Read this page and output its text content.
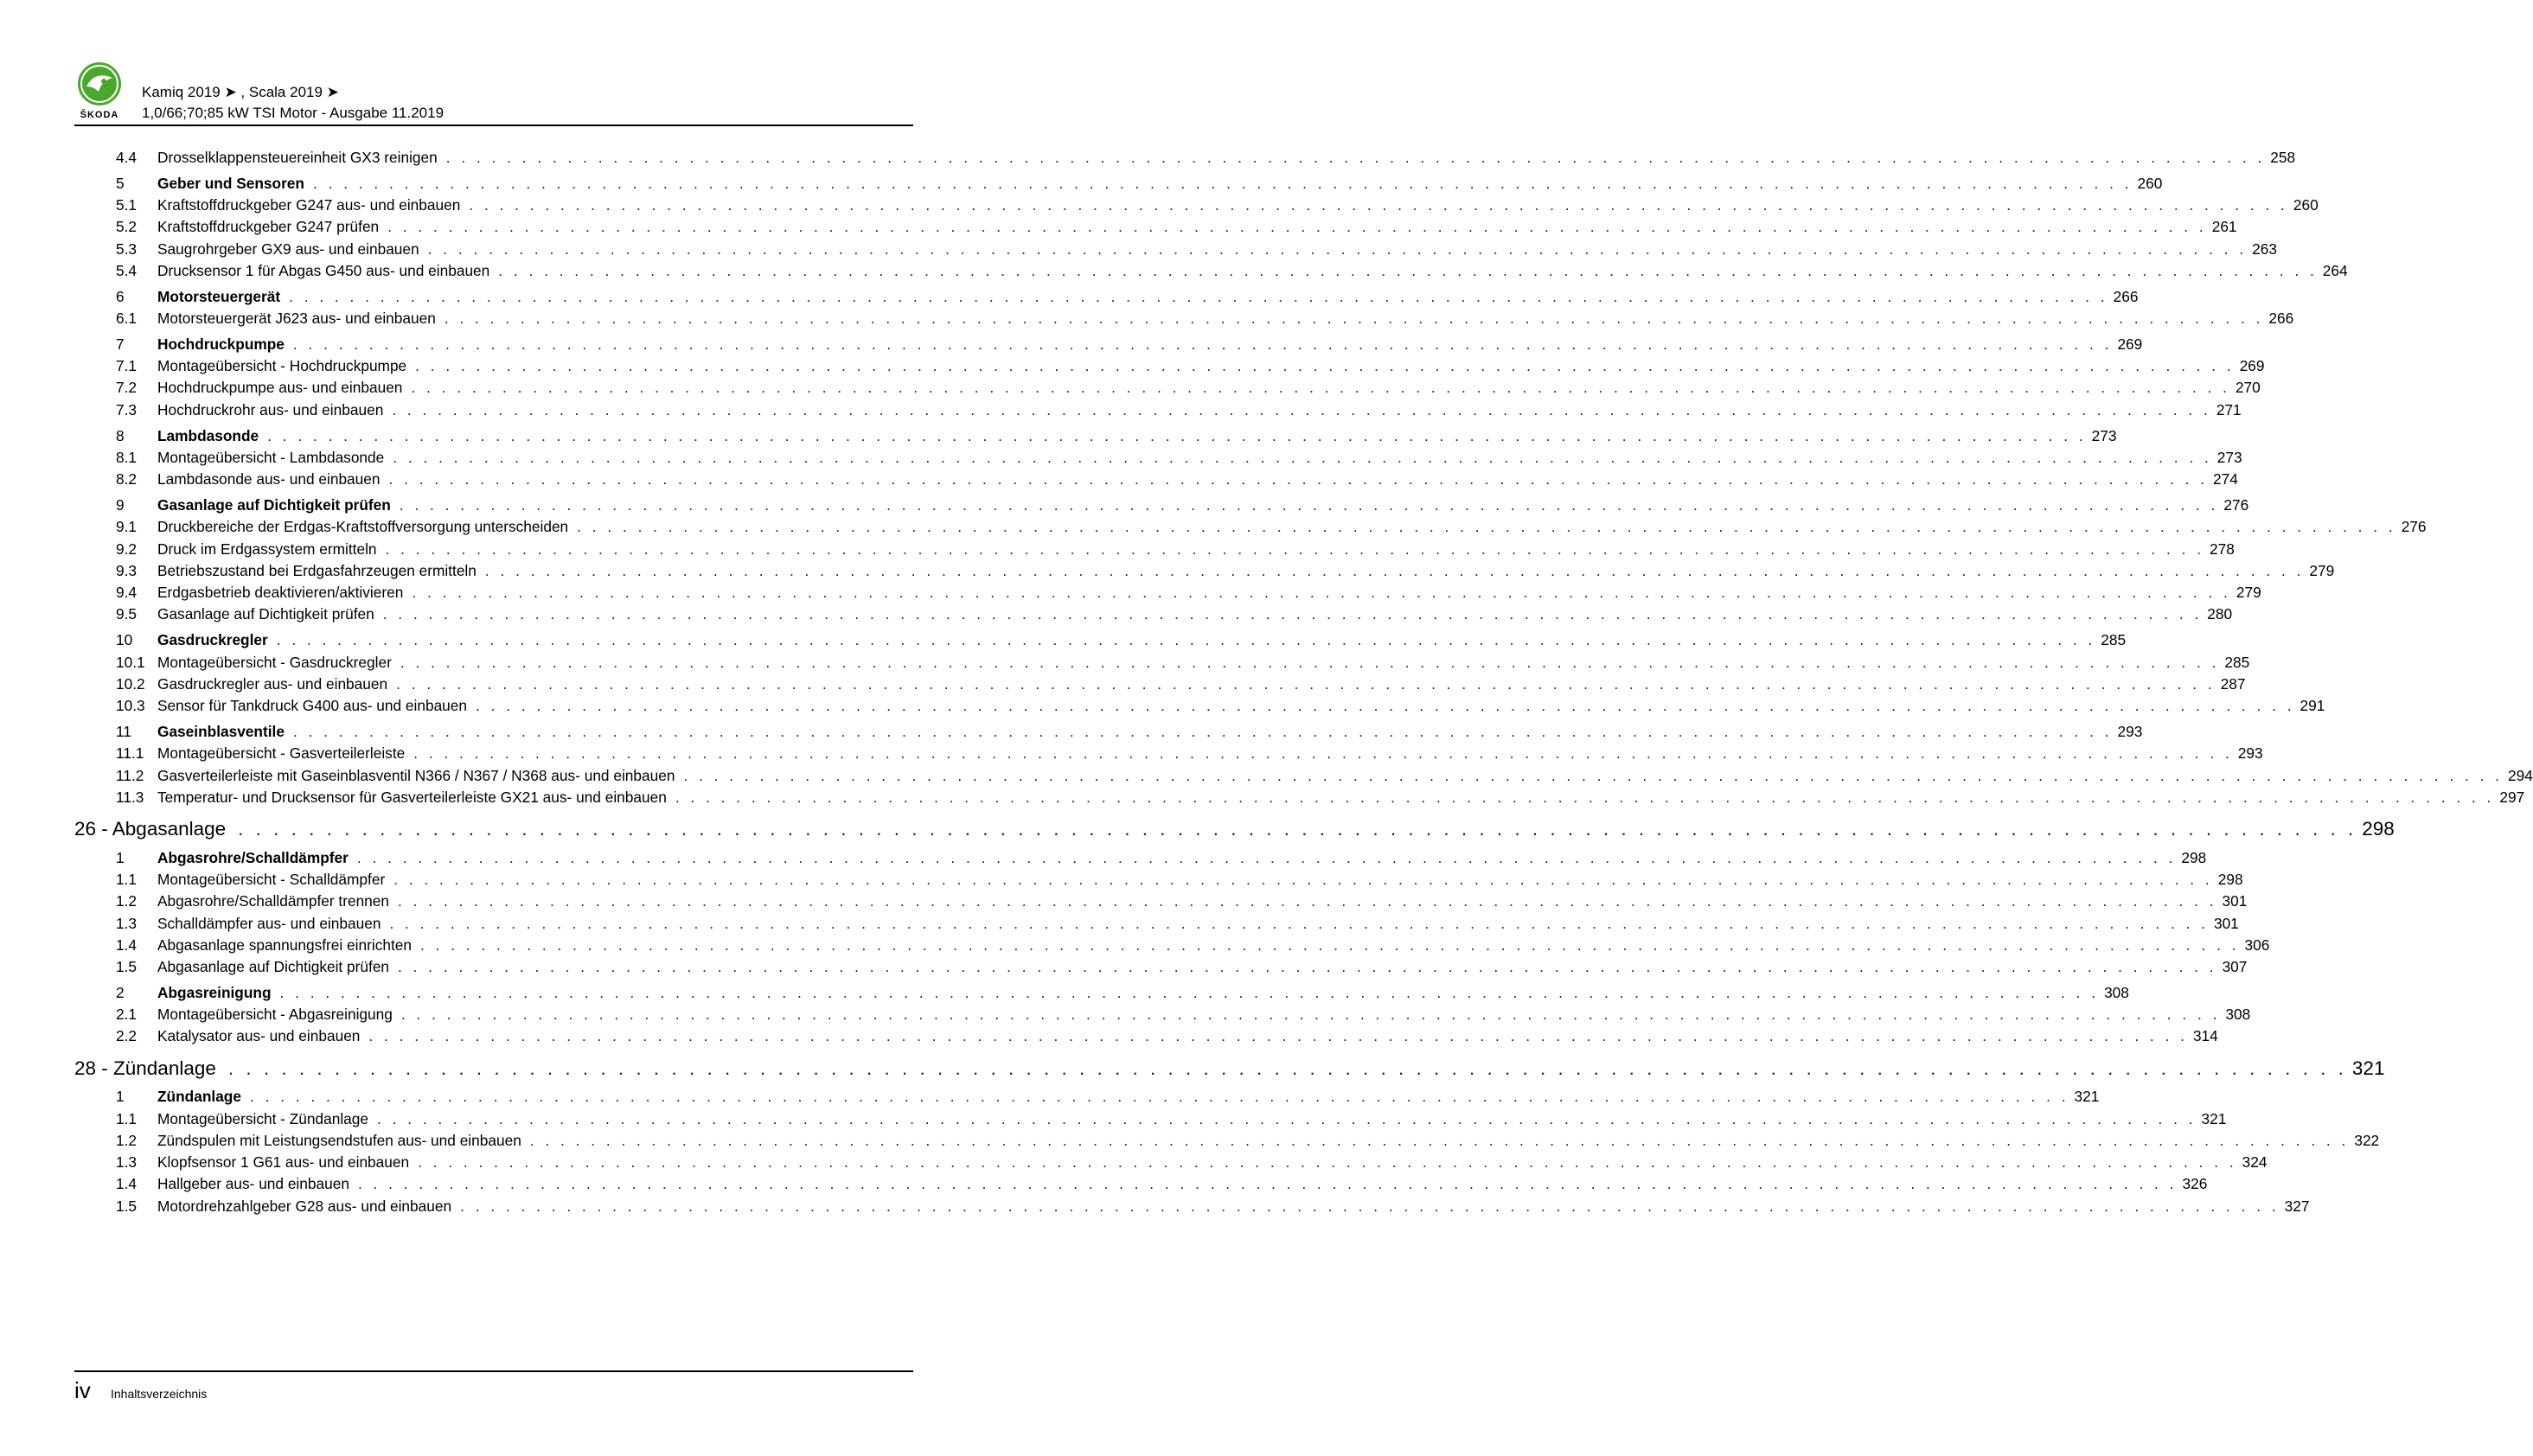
ŠKODA
Kamiq 2019 ➤ , Scala 2019 ➤
1,0/66;70;85 kW TSI Motor - Ausgabe 11.2019
4.4	Drosselklappensteuereinheit GX3 reinigen . . . . . . . . . . . . . . . . . . . . . . . . . . . . . . . . . . . . . . . . . . . . . . . . . . . . . . . . . . . . . . . . . . . . . . . . . . . . . . . . . . . . . . . . . . . . . . . . . . . . . . . . . . . . . . . . . . . . . . . . 258
5	Geber und Sensoren . . . . . . . . . . . . . . . . . . . . . . . . . . . . . . . . . . . . . . . . . . . . . . . . . . . . . . . . . . . . . . . . . . . . . . . . . . . . . . . . . . . . . . . . . . . . . . . . . . . . . . . . . . . . . . . . . . . . . . . . 260
5.1	Kraftstoffdruckgeber G247 aus- und einbauen . . . . . . . . . . . . . . . . . . . . . . . . . . . . . . . . . . . . . . . . . . . . . . . . . . . . . . . . . . . . . . . . . . . . . . . . . . . . . . . . . . . . . . . . . . . . . . . . . . . . . . . . . . . . . . . . . . . . . . . . 260
5.2	Kraftstoffdruckgeber G247 prüfen . . . . . . . . . . . . . . . . . . . . . . . . . . . . . . . . . . . . . . . . . . . . . . . . . . . . . . . . . . . . . . . . . . . . . . . . . . . . . . . . . . . . . . . . . . . . . . . . . . . . . . . . . . . . . . . . . . . . . . . . 261
5.3	Saugrohrgeber GX9 aus- und einbauen . . . . . . . . . . . . . . . . . . . . . . . . . . . . . . . . . . . . . . . . . . . . . . . . . . . . . . . . . . . . . . . . . . . . . . . . . . . . . . . . . . . . . . . . . . . . . . . . . . . . . . . . . . . . . . . . . . . . . . . . 263
5.4	Drucksensor 1 für Abgas G450 aus- und einbauen . . . . . . . . . . . . . . . . . . . . . . . . . . . . . . . . . . . . . . . . . . . . . . . . . . . . . . . . . . . . . . . . . . . . . . . . . . . . . . . . . . . . . . . . . . . . . . . . . . . . . . . . . . . . . . . . . . . . . . . . 264
6	Motorsteuergerät . . . . . . . . . . . . . . . . . . . . . . . . . . . . . . . . . . . . . . . . . . . . . . . . . . . . . . . . . . . . . . . . . . . . . . . . . . . . . . . . . . . . . . . . . . . . . . . . . . . . . . . . . . . . . . . . . . . . . . . . 266
6.1	Motorsteuergerät J623 aus- und einbauen . . . . . . . . . . . . . . . . . . . . . . . . . . . . . . . . . . . . . . . . . . . . . . . . . . . . . . . . . . . . . . . . . . . . . . . . . . . . . . . . . . . . . . . . . . . . . . . . . . . . . . . . . . . . . . . . . . . . . . . . 266
7	Hochdruckpumpe . . . . . . . . . . . . . . . . . . . . . . . . . . . . . . . . . . . . . . . . . . . . . . . . . . . . . . . . . . . . . . . . . . . . . . . . . . . . . . . . . . . . . . . . . . . . . . . . . . . . . . . . . . . . . . . . . . . . . . . . 269
7.1	Montageübersicht - Hochdruckpumpe . . . . . . . . . . . . . . . . . . . . . . . . . . . . . . . . . . . . . . . . . . . . . . . . . . . . . . . . . . . . . . . . . . . . . . . . . . . . . . . . . . . . . . . . . . . . . . . . . . . . . . . . . . . . . . . . . . . . . . . . 269
7.2	Hochdruckpumpe aus- und einbauen . . . . . . . . . . . . . . . . . . . . . . . . . . . . . . . . . . . . . . . . . . . . . . . . . . . . . . . . . . . . . . . . . . . . . . . . . . . . . . . . . . . . . . . . . . . . . . . . . . . . . . . . . . . . . . . . . . . . . . . . 270
7.3	Hochdruckrohr aus- und einbauen . . . . . . . . . . . . . . . . . . . . . . . . . . . . . . . . . . . . . . . . . . . . . . . . . . . . . . . . . . . . . . . . . . . . . . . . . . . . . . . . . . . . . . . . . . . . . . . . . . . . . . . . . . . . . . . . . . . . . . . . 271
8	Lambdasonde . . . . . . . . . . . . . . . . . . . . . . . . . . . . . . . . . . . . . . . . . . . . . . . . . . . . . . . . . . . . . . . . . . . . . . . . . . . . . . . . . . . . . . . . . . . . . . . . . . . . . . . . . . . . . . . . . . . . . . . . 273
8.1	Montageübersicht - Lambdasonde . . . . . . . . . . . . . . . . . . . . . . . . . . . . . . . . . . . . . . . . . . . . . . . . . . . . . . . . . . . . . . . . . . . . . . . . . . . . . . . . . . . . . . . . . . . . . . . . . . . . . . . . . . . . . . . . . . . . . . . . 273
8.2	Lambdasonde aus- und einbauen . . . . . . . . . . . . . . . . . . . . . . . . . . . . . . . . . . . . . . . . . . . . . . . . . . . . . . . . . . . . . . . . . . . . . . . . . . . . . . . . . . . . . . . . . . . . . . . . . . . . . . . . . . . . . . . . . . . . . . . . 274
9	Gasanlage auf Dichtigkeit prüfen . . . . . . . . . . . . . . . . . . . . . . . . . . . . . . . . . . . . . . . . . . . . . . . . . . . . . . . . . . . . . . . . . . . . . . . . . . . . . . . . . . . . . . . . . . . . . . . . . . . . . . . . . . . . . . . . . . . . . . . . 276
9.1	Druckbereiche der Erdgas-Kraftstoffversorgung unterscheiden . . . . . . . . . . . . . . . . . . . . . . . . . . . . . . . . . . . . . . . . . . . . . . . . . . . . . . . . . . . . . . . . . . . . . . . . . . . . . . . . . . . . . . . . . . . . . . . . . . . . . . . . . . . . . . . . . . . . . . . . 276
9.2	Druck im Erdgassystem ermitteln . . . . . . . . . . . . . . . . . . . . . . . . . . . . . . . . . . . . . . . . . . . . . . . . . . . . . . . . . . . . . . . . . . . . . . . . . . . . . . . . . . . . . . . . . . . . . . . . . . . . . . . . . . . . . . . . . . . . . . . . 278
9.3	Betriebszustand bei Erdgasfahrzeugen ermitteln . . . . . . . . . . . . . . . . . . . . . . . . . . . . . . . . . . . . . . . . . . . . . . . . . . . . . . . . . . . . . . . . . . . . . . . . . . . . . . . . . . . . . . . . . . . . . . . . . . . . . . . . . . . . . . . . . . . . . . . . 279
9.4	Erdgasbetrieb deaktivieren/aktivieren . . . . . . . . . . . . . . . . . . . . . . . . . . . . . . . . . . . . . . . . . . . . . . . . . . . . . . . . . . . . . . . . . . . . . . . . . . . . . . . . . . . . . . . . . . . . . . . . . . . . . . . . . . . . . . . . . . . . . . . . 279
9.5	Gasanlage auf Dichtigkeit prüfen . . . . . . . . . . . . . . . . . . . . . . . . . . . . . . . . . . . . . . . . . . . . . . . . . . . . . . . . . . . . . . . . . . . . . . . . . . . . . . . . . . . . . . . . . . . . . . . . . . . . . . . . . . . . . . . . . . . . . . . . 280
10	Gasdruckregler . . . . . . . . . . . . . . . . . . . . . . . . . . . . . . . . . . . . . . . . . . . . . . . . . . . . . . . . . . . . . . . . . . . . . . . . . . . . . . . . . . . . . . . . . . . . . . . . . . . . . . . . . . . . . . . . . . . . . . . . 285
10.1 Montageübersicht - Gasdruckregler . . . . . . . . . . . . . . . . . . . . . . . . . . . . . . . . . . . . . . . . . . . . . . . . . . . . . . . . . . . . . . . . . . . . . . . . . . . . . . . . . . . . . . . . . . . . . . . . . . . . . . . . . . . . . . . . . . . . . . . . 285
10.2 Gasdruckregler aus- und einbauen . . . . . . . . . . . . . . . . . . . . . . . . . . . . . . . . . . . . . . . . . . . . . . . . . . . . . . . . . . . . . . . . . . . . . . . . . . . . . . . . . . . . . . . . . . . . . . . . . . . . . . . . . . . . . . . . . . . . . . . . 287
10.3 Sensor für Tankdruck G400 aus- und einbauen . . . . . . . . . . . . . . . . . . . . . . . . . . . . . . . . . . . . . . . . . . . . . . . . . . . . . . . . . . . . . . . . . . . . . . . . . . . . . . . . . . . . . . . . . . . . . . . . . . . . . . . . . . . . . . . . . . . . . . . . 291
11	Gaseinblasventile . . . . . . . . . . . . . . . . . . . . . . . . . . . . . . . . . . . . . . . . . . . . . . . . . . . . . . . . . . . . . . . . . . . . . . . . . . . . . . . . . . . . . . . . . . . . . . . . . . . . . . . . . . . . . . . . . . . . . . . . 293
11.1 Montageübersicht - Gasverteilerleiste . . . . . . . . . . . . . . . . . . . . . . . . . . . . . . . . . . . . . . . . . . . . . . . . . . . . . . . . . . . . . . . . . . . . . . . . . . . . . . . . . . . . . . . . . . . . . . . . . . . . . . . . . . . . . . . . . . . . . . . . 293
11.2 Gasverteilerleiste mit Gaseinblasventil N366 / N367 / N368 aus- und einbauen . . . . . . . . . . . . . . . . . . . . . . . . . . . . . . . . . . . . . . . . . . . . . . . . . . . . . . . . . . . . . . . . . . . . . . . . . . . . . . . . . . . . . . . . . . . . . . . . . . . . . . . . . . . . . . . . . . . . . . . . 294
11.3 Temperatur- und Drucksensor für Gasverteilerleiste GX21 aus- und einbauen . . . . . . . . . . . . . . . . . . . . . . . . . . . . . . . . . . . . . . . . . . . . . . . . . . . . . . . . . . . . . . . . . . . . . . . . . . . . . . . . . . . . . . . . . . . . . . . . . . . . . . . . . . . . . . . . . . . . . . . . 297
26 - Abgasanlage . . . . . . . . . . . . . . . . . . . . . . . . . . . . . . . . . . . . . . . . . . . . . . . . . . . . . . . . . . . . . . . . . . . . . . . . . . . . . . . . . . . . . . . . . . . . . . . . . . . . . . . . . . . . . . . . . . . . . . . . 298
1	Abgasrohre/Schalldämpfer . . . . . . . . . . . . . . . . . . . . . . . . . . . . . . . . . . . . . . . . . . . . . . . . . . . . . . . . . . . . . . . . . . . . . . . . . . . . . . . . . . . . . . . . . . . . . . . . . . . . . . . . . . . . . . . . . . . . . . . . 298
1.1	Montageübersicht - Schalldämpfer . . . . . . . . . . . . . . . . . . . . . . . . . . . . . . . . . . . . . . . . . . . . . . . . . . . . . . . . . . . . . . . . . . . . . . . . . . . . . . . . . . . . . . . . . . . . . . . . . . . . . . . . . . . . . . . . . . . . . . . . 298
1.2	Abgasrohre/Schalldämpfer trennen . . . . . . . . . . . . . . . . . . . . . . . . . . . . . . . . . . . . . . . . . . . . . . . . . . . . . . . . . . . . . . . . . . . . . . . . . . . . . . . . . . . . . . . . . . . . . . . . . . . . . . . . . . . . . . . . . . . . . . . . 301
1.3	Schalldämpfer aus- und einbauen . . . . . . . . . . . . . . . . . . . . . . . . . . . . . . . . . . . . . . . . . . . . . . . . . . . . . . . . . . . . . . . . . . . . . . . . . . . . . . . . . . . . . . . . . . . . . . . . . . . . . . . . . . . . . . . . . . . . . . . . 301
1.4	Abgasanlage spannungsfrei einrichten . . . . . . . . . . . . . . . . . . . . . . . . . . . . . . . . . . . . . . . . . . . . . . . . . . . . . . . . . . . . . . . . . . . . . . . . . . . . . . . . . . . . . . . . . . . . . . . . . . . . . . . . . . . . . . . . . . . . . . . . 306
1.5	Abgasanlage auf Dichtigkeit prüfen . . . . . . . . . . . . . . . . . . . . . . . . . . . . . . . . . . . . . . . . . . . . . . . . . . . . . . . . . . . . . . . . . . . . . . . . . . . . . . . . . . . . . . . . . . . . . . . . . . . . . . . . . . . . . . . . . . . . . . . . 307
2	Abgasreinigung . . . . . . . . . . . . . . . . . . . . . . . . . . . . . . . . . . . . . . . . . . . . . . . . . . . . . . . . . . . . . . . . . . . . . . . . . . . . . . . . . . . . . . . . . . . . . . . . . . . . . . . . . . . . . . . . . . . . . . . . 308
2.1	Montageübersicht - Abgasreinigung . . . . . . . . . . . . . . . . . . . . . . . . . . . . . . . . . . . . . . . . . . . . . . . . . . . . . . . . . . . . . . . . . . . . . . . . . . . . . . . . . . . . . . . . . . . . . . . . . . . . . . . . . . . . . . . . . . . . . . . . 308
2.2	Katalysator aus- und einbauen . . . . . . . . . . . . . . . . . . . . . . . . . . . . . . . . . . . . . . . . . . . . . . . . . . . . . . . . . . . . . . . . . . . . . . . . . . . . . . . . . . . . . . . . . . . . . . . . . . . . . . . . . . . . . . . . . . . . . . . . 314
28 - Zündanlage . . . . . . . . . . . . . . . . . . . . . . . . . . . . . . . . . . . . . . . . . . . . . . . . . . . . . . . . . . . . . . . . . . . . . . . . . . . . . . . . . . . . . . . . . . . . . . . . . . . . . . . . . . . . . . . . . . . . . . . . 321
1	Zündanlage . . . . . . . . . . . . . . . . . . . . . . . . . . . . . . . . . . . . . . . . . . . . . . . . . . . . . . . . . . . . . . . . . . . . . . . . . . . . . . . . . . . . . . . . . . . . . . . . . . . . . . . . . . . . . . . . . . . . . . . . 321
1.1	Montageübersicht - Zündanlage . . . . . . . . . . . . . . . . . . . . . . . . . . . . . . . . . . . . . . . . . . . . . . . . . . . . . . . . . . . . . . . . . . . . . . . . . . . . . . . . . . . . . . . . . . . . . . . . . . . . . . . . . . . . . . . . . . . . . . . . 321
1.2	Zündspulen mit Leistungsendstufen aus- und einbauen . . . . . . . . . . . . . . . . . . . . . . . . . . . . . . . . . . . . . . . . . . . . . . . . . . . . . . . . . . . . . . . . . . . . . . . . . . . . . . . . . . . . . . . . . . . . . . . . . . . . . . . . . . . . . . . . . . . . . . . . 322
1.3	Klopfsensor 1 G61 aus- und einbauen . . . . . . . . . . . . . . . . . . . . . . . . . . . . . . . . . . . . . . . . . . . . . . . . . . . . . . . . . . . . . . . . . . . . . . . . . . . . . . . . . . . . . . . . . . . . . . . . . . . . . . . . . . . . . . . . . . . . . . . . 324
1.4	Hallgeber aus- und einbauen . . . . . . . . . . . . . . . . . . . . . . . . . . . . . . . . . . . . . . . . . . . . . . . . . . . . . . . . . . . . . . . . . . . . . . . . . . . . . . . . . . . . . . . . . . . . . . . . . . . . . . . . . . . . . . . . . . . . . . . . 326
1.5	Motordrehzahlgeber G28 aus- und einbauen . . . . . . . . . . . . . . . . . . . . . . . . . . . . . . . . . . . . . . . . . . . . . . . . . . . . . . . . . . . . . . . . . . . . . . . . . . . . . . . . . . . . . . . . . . . . . . . . . . . . . . . . . . . . . . . . . . . . . . . . 327
iv Inhaltsverzeichnis
